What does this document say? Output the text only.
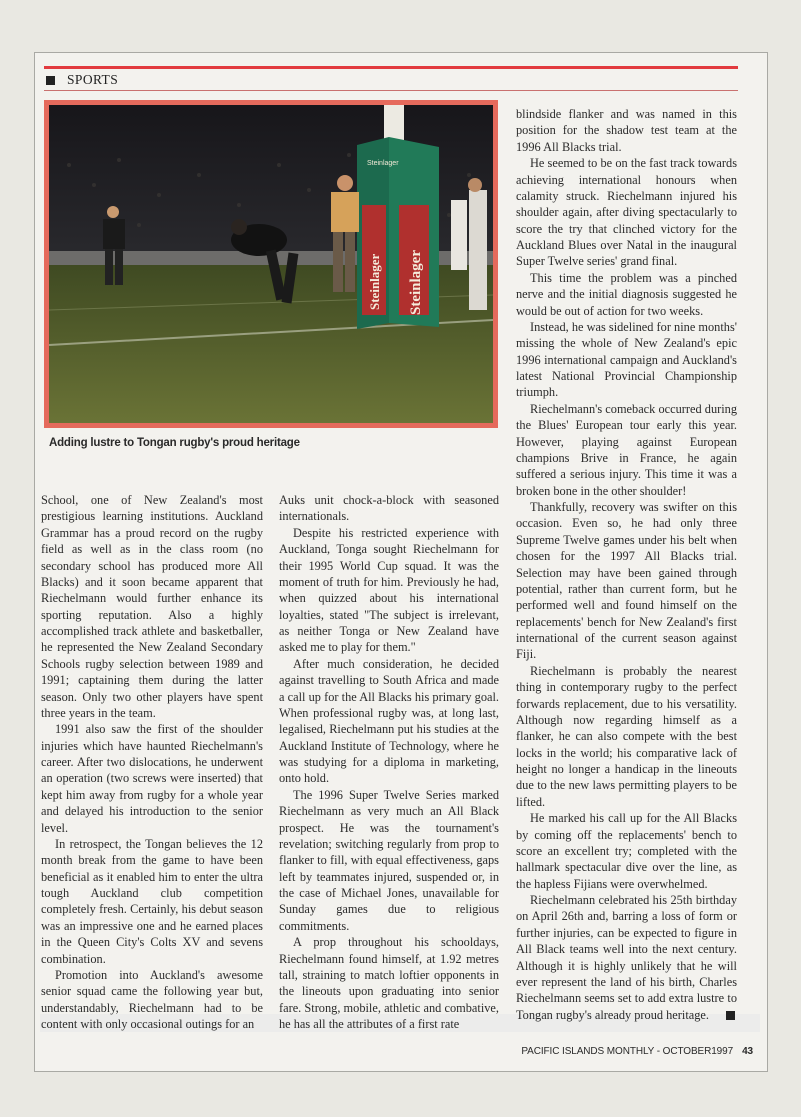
SPORTS
Steinlager
Steinlager Steinlager
Adding lustre to Tongan rugby's proud heritage

School, one of New Zealand's most prestigious learning institutions. Auckland Grammar has a proud record on the rugby field as well as in the class room (no secondary school has produced more All Blacks) and it soon became apparent that Riechelmann would further enhance its sporting reputation. Also a highly accomplished track athlete and basketballer, he represented the New Zealand Secondary Schools rugby selection between 1989 and 1991; captaining them during the latter season. Only two other players have spent three years in the team.

1991 also saw the first of the shoulder injuries which have haunted Riechelmann's career. After two dislocations, he underwent an operation (two screws were inserted) that kept him away from rugby for a whole year and delayed his introduction to the senior level.

In retrospect, the Tongan believes the 12 month break from the game to have been beneficial as it enabled him to enter the ultra tough Auckland club competition completely fresh. Certainly, his debut season was an impressive one and he earned places in the Queen City's Colts XV and sevens combination.

Promotion into Auckland's awesome senior squad came the following year but, understandably, Riechelmann had to be content with only occasional outings for an

Auks unit chock-a-block with seasoned internationals.

Despite his restricted experience with Auckland, Tonga sought Riechelmann for their 1995 World Cup squad. It was the moment of truth for him. Previously he had, when quizzed about his international loyalties, stated "The subject is irrelevant, as neither Tonga or New Zealand have asked me to play for them."

After much consideration, he decided against travelling to South Africa and made a call up for the All Blacks his primary goal. When professional rugby was, at long last, legalised, Riechelmann put his studies at the Auckland Institute of Technology, where he was studying for a diploma in marketing, onto hold.

The 1996 Super Twelve Series marked Riechelmann as very much an All Black prospect. He was the tournament's revelation; switching regularly from prop to flanker to fill, with equal effectiveness, gaps left by teammates injured, suspended or, in the case of Michael Jones, unavailable for Sunday games due to religious commitments.

A prop throughout his schooldays, Riechelmann found himself, at 1.92 metres tall, straining to match loftier opponents in the lineouts upon graduating into senior fare. Strong, mobile, athletic and combative, he has all the attributes of a first rate

blindside flanker and was named in this position for the shadow test team at the 1996 All Blacks trial.

He seemed to be on the fast track towards achieving international honours when calamity struck. Riechelmann injured his shoulder again, after diving spectacularly to score the try that clinched victory for the Auckland Blues over Natal in the inaugural Super Twelve series' grand final.

This time the problem was a pinched nerve and the initial diagnosis suggested he would be out of action for two weeks.

Instead, he was sidelined for nine months' missing the whole of New Zealand's epic 1996 international campaign and Auckland's latest National Provincial Championship triumph.

Riechelmann's comeback occurred during the Blues' European tour early this year. However, playing against European champions Brive in France, he again suffered a serious injury. This time it was a broken bone in the other shoulder!

Thankfully, recovery was swifter on this occasion. Even so, he had only three Supreme Twelve games under his belt when chosen for the 1997 All Blacks trial. Selection may have been gained through potential, rather than current form, but he performed well and found himself on the replacements' bench for New Zealand's first international of the current season against Fiji.

Riechelmann is probably the nearest thing in contemporary rugby to the perfect forwards replacement, due to his versatility. Although now regarding himself as a flanker, he can also compete with the best locks in the world; his comparative lack of height no longer a handicap in the lineouts due to the new laws permitting players to be lifted.

He marked his call up for the All Blacks by coming off the replacements' bench to score an excellent try; completed with the hallmark spectacular dive over the line, as the hapless Fijians were overwhelmed.

Riechelmann celebrated his 25th birthday on April 26th and, barring a loss of form or further injuries, can be expected to figure in All Black teams well into the next century. Although it is highly unlikely that he will ever represent the land of his birth, Charles Riechelmann seems set to add extra lustre to Tongan rugby's already proud heritage.

PACIFIC ISLANDS MONTHLY - OCTOBER1997 43
